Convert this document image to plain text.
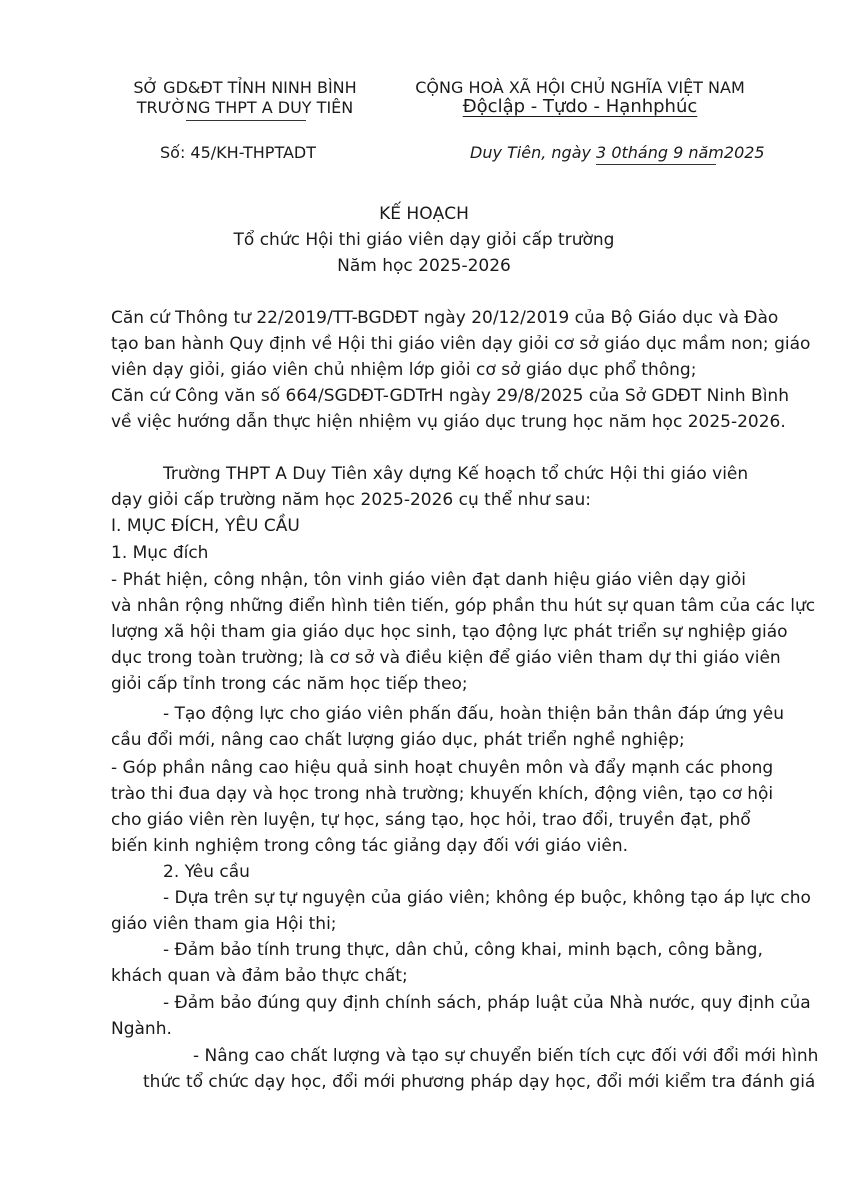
SỞ GD&ĐT TỈNH NINH BÌNH
TRƯỜNG THPT A DUY TIÊN
CỘNG HOÀ XÃ HỘI CHỦ NGHĨA VIỆT NAM
Độclập - Tựdo - Hạnhphúc
Số: 45/KH-THPTADT	Duy Tiên, ngày 3 0tháng 9 năm2025
KẾ HOẠCH
Tổ chức Hội thi giáo viên dạy giỏi cấp trường
Năm học 2025-2026
Căn cứ Thông tư 22/2019/TT-BGDĐT ngày 20/12/2019 của Bộ Giáo dục và Đào
tạo ban hành Quy định về Hội thi giáo viên dạy giỏi cơ sở giáo dục mầm non; giáo
viên dạy giỏi, giáo viên chủ nhiệm lớp giỏi cơ sở giáo dục phổ thông;
Căn cứ Công văn số 664/SGDĐT-GDTrH ngày 29/8/2025 của Sở GDĐT Ninh Bình
về việc hướng dẫn thực hiện nhiệm vụ giáo dục trung học năm học 2025-2026.
Trường THPT A Duy Tiên xây dựng Kế hoạch tổ chức Hội thi giáo viên
dạy giỏi cấp trường năm học 2025-2026 cụ thể như sau:
I. MỤC ĐÍCH, YÊU CẦU
1. Mục đích
- Phát hiện, công nhận, tôn vinh giáo viên đạt danh hiệu giáo viên dạy giỏi
và nhân rộng những điển hình tiên tiến, góp phần thu hút sự quan tâm của các lực
lượng xã hội tham gia giáo dục học sinh, tạo động lực phát triển sự nghiệp giáo
dục trong toàn trường; là cơ sở và điều kiện để giáo viên tham dự thi giáo viên
giỏi cấp tỉnh trong các năm học tiếp theo;
- Tạo động lực cho giáo viên phấn đấu, hoàn thiện bản thân đáp ứng yêu
cầu đổi mới, nâng cao chất lượng giáo dục, phát triển nghề nghiệp;
- Góp phần nâng cao hiệu quả sinh hoạt chuyên môn và đẩy mạnh các phong
trào thi đua dạy và học trong nhà trường; khuyến khích, động viên, tạo cơ hội
cho giáo viên rèn luyện, tự học, sáng tạo, học hỏi, trao đổi, truyền đạt, phổ
biến kinh nghiệm trong công tác giảng dạy đối với giáo viên.
2. Yêu cầu
- Dựa trên sự tự nguyện của giáo viên; không ép buộc, không tạo áp lực cho
giáo viên tham gia Hội thi;
- Đảm bảo tính trung thực, dân chủ, công khai, minh bạch, công bằng,
khách quan và đảm bảo thực chất;
- Đảm bảo đúng quy định chính sách, pháp luật của Nhà nước, quy định của
Ngành.
- Nâng cao chất lượng và tạo sự chuyển biến tích cực đối với đổi mới hình
thức tổ chức dạy học, đổi mới phương pháp dạy học, đổi mới kiểm tra đánh giá
